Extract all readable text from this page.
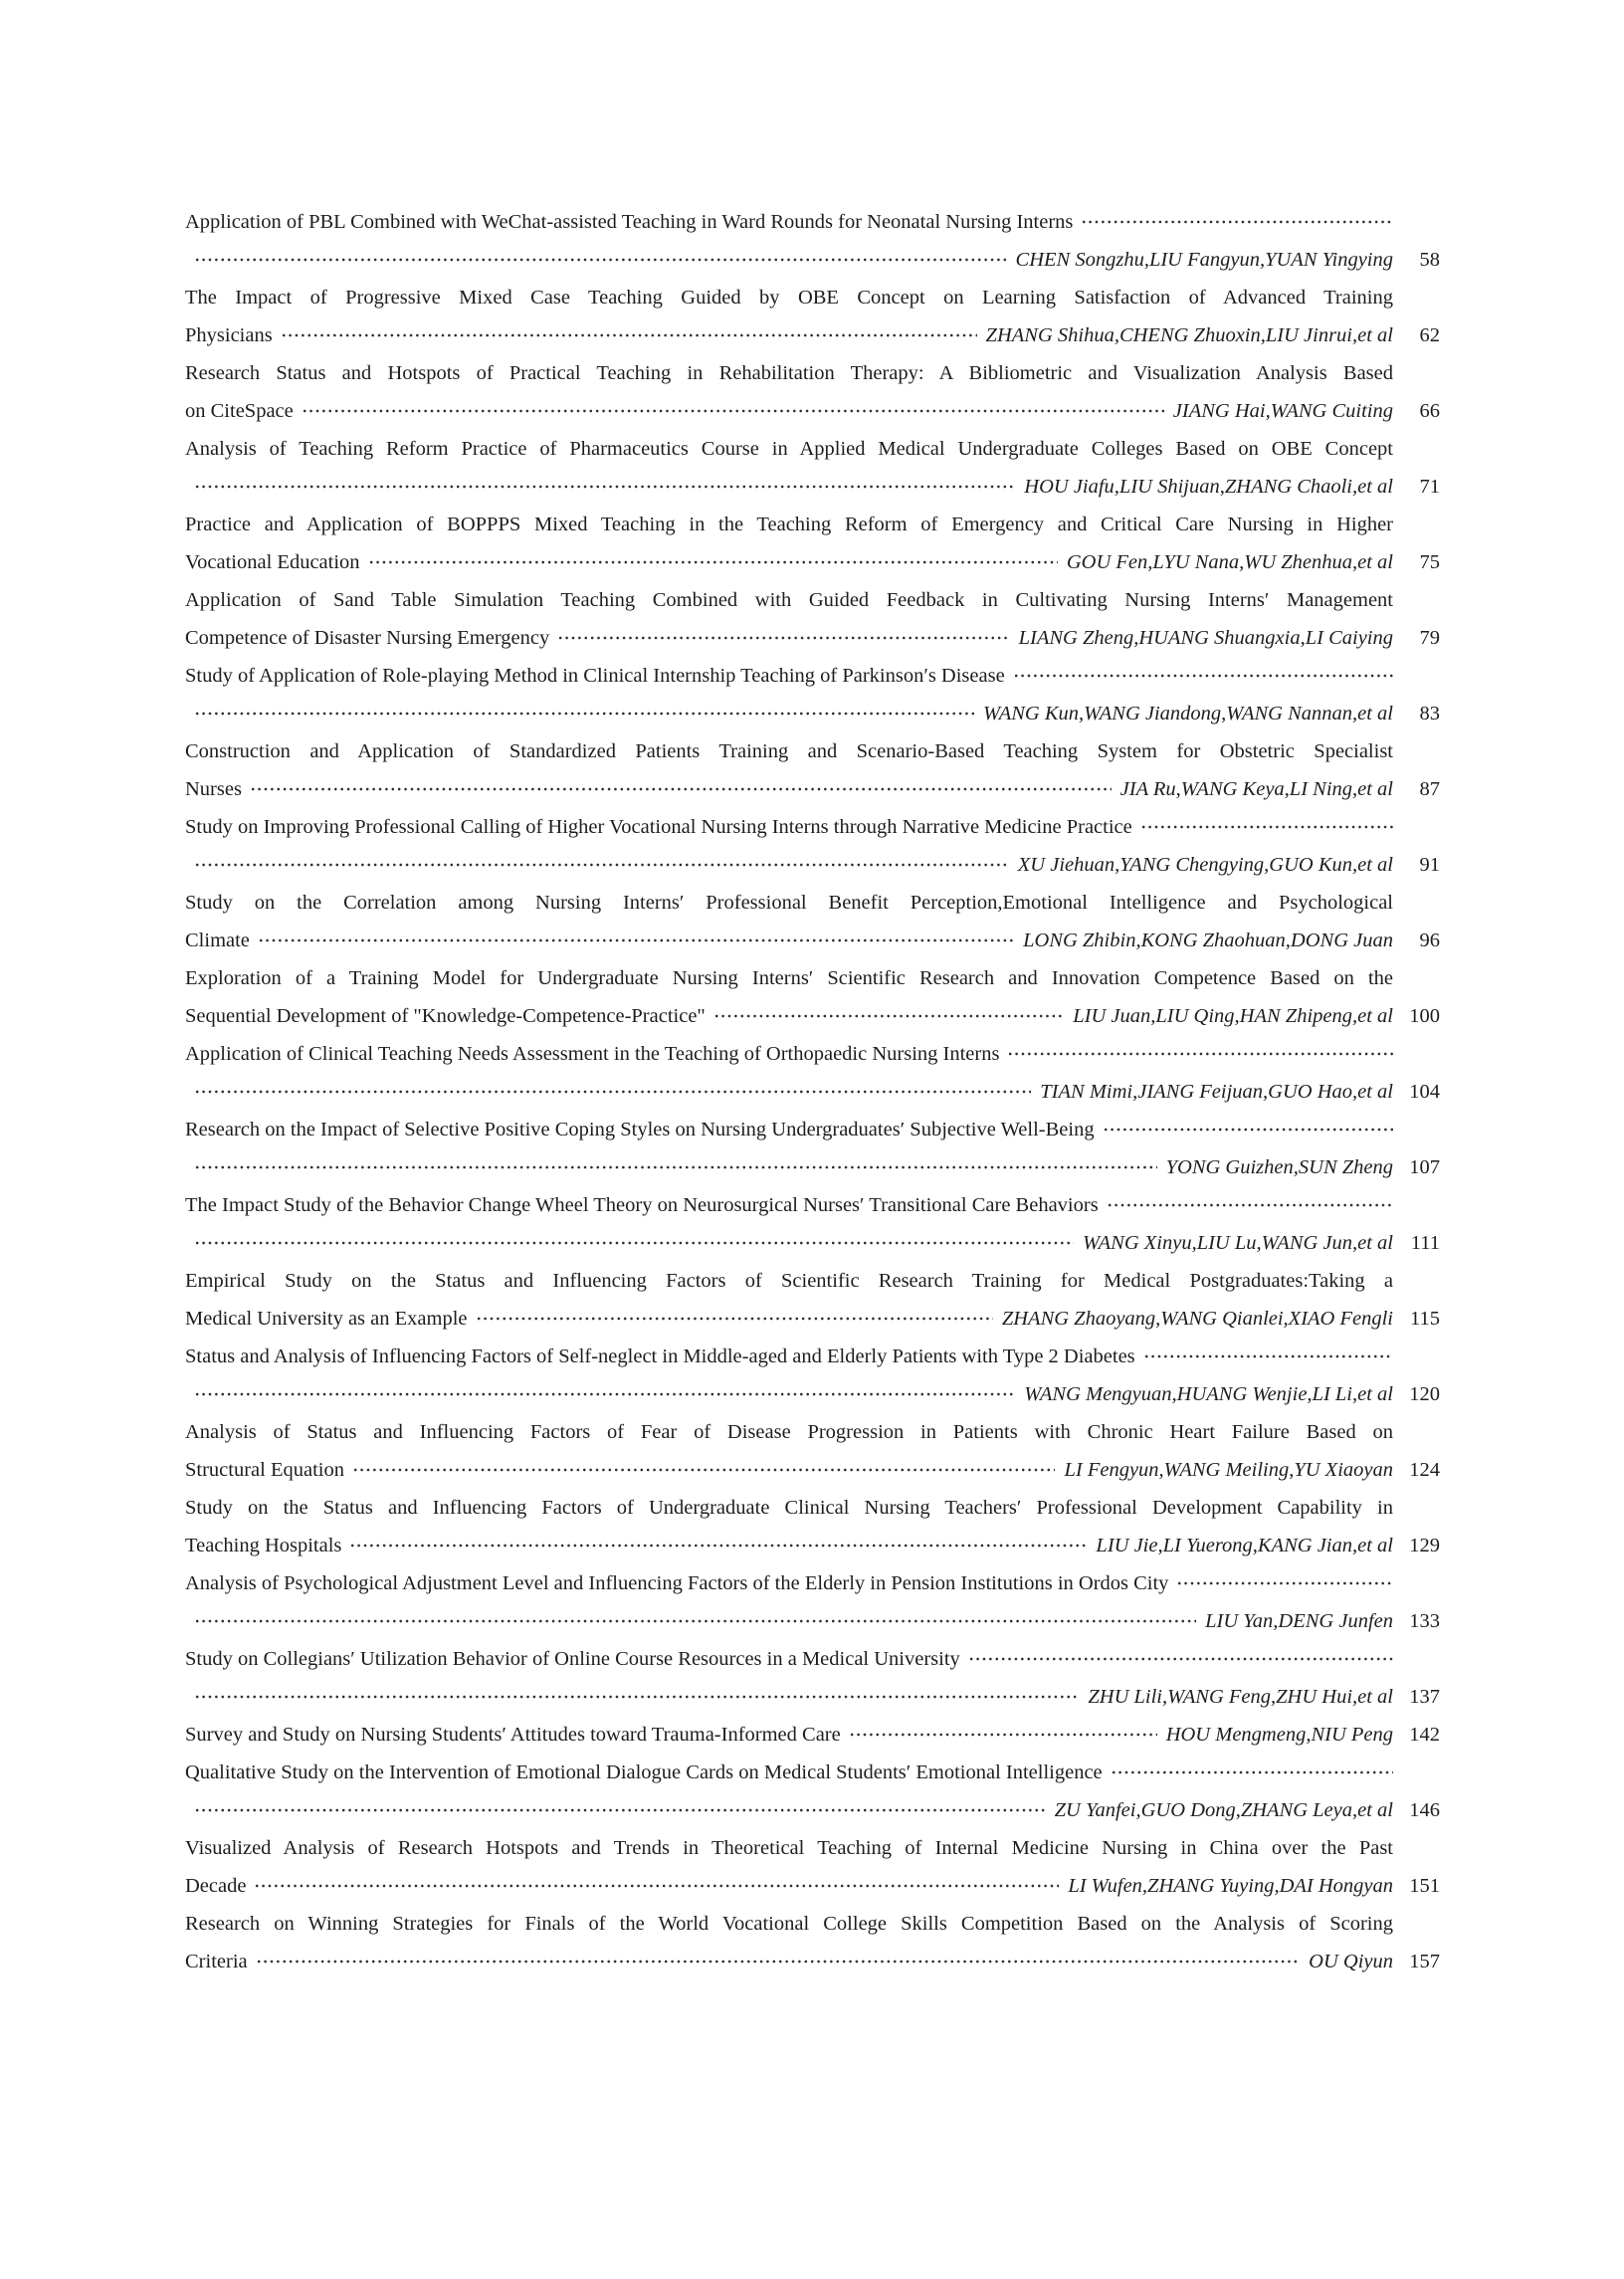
Application of PBL Combined with WeChat-assisted Teaching in Ward Rounds for Neonatal Nursing Interns
CHEN Songzhu,LIU Fangyun,YUAN Yingying	58
The Impact of Progressive Mixed Case Teaching Guided by OBE Concept on Learning Satisfaction of Advanced Training
Physicians	ZHANG Shihua,CHENG Zhuoxin,LIU Jinrui,et al	62
Research Status and Hotspots of Practical Teaching in Rehabilitation Therapy: A Bibliometric and Visualization Analysis Based
on CiteSpace	JIANG Hai,WANG Cuiting	66
Analysis of Teaching Reform Practice of Pharmaceutics Course in Applied Medical Undergraduate Colleges Based on OBE Concept
HOU Jiafu,LIU Shijuan,ZHANG Chaoli,et al	71
Practice and Application of BOPPPS Mixed Teaching in the Teaching Reform of Emergency and Critical Care Nursing in Higher
Vocational Education	GOU Fen,LYU Nana,WU Zhenhua,et al	75
Application of Sand Table Simulation Teaching Combined with Guided Feedback in Cultivating Nursing Interns′ Management
Competence of Disaster Nursing Emergency	LIANG Zheng,HUANG Shuangxia,LI Caiying	79
Study of Application of Role-playing Method in Clinical Internship Teaching of Parkinson′s Disease
WANG Kun,WANG Jiandong,WANG Nannan,et al	83
Construction and Application of Standardized Patients Training and Scenario-Based Teaching System for Obstetric Specialist
Nurses	JIA Ru,WANG Keya,LI Ning,et al	87
Study on Improving Professional Calling of Higher Vocational Nursing Interns through Narrative Medicine Practice
XU Jiehuan,YANG Chengying,GUO Kun,et al	91
Study on the Correlation among Nursing Interns′ Professional Benefit Perception,Emotional Intelligence and Psychological
Climate	LONG Zhibin,KONG Zhaohuan,DONG Juan	96
Exploration of a Training Model for Undergraduate Nursing Interns′ Scientific Research and Innovation Competence Based on the
Sequential Development of "Knowledge-Competence-Practice"	LIU Juan,LIU Qing,HAN Zhipeng,et al 100
Application of Clinical Teaching Needs Assessment in the Teaching of Orthopaedic Nursing Interns
TIAN Mimi,JIANG Feijuan,GUO Hao,et al 104
Research on the Impact of Selective Positive Coping Styles on Nursing Undergraduates′ Subjective Well-Being
YONG Guizhen,SUN Zheng 107
The Impact Study of the Behavior Change Wheel Theory on Neurosurgical Nurses′ Transitional Care Behaviors
WANG Xinyu,LIU Lu,WANG Jun,et al 111
Empirical Study on the Status and Influencing Factors of Scientific Research Training for Medical Postgraduates:Taking a
Medical University as an Example	ZHANG Zhaoyang,WANG Qianlei,XIAO Fengli 115
Status and Analysis of Influencing Factors of Self-neglect in Middle-aged and Elderly Patients with Type 2 Diabetes
WANG Mengyuan,HUANG Wenjie,LI Li,et al 120
Analysis of Status and Influencing Factors of Fear of Disease Progression in Patients with Chronic Heart Failure Based on
Structural Equation	LI Fengyun,WANG Meiling,YU Xiaoyan 124
Study on the Status and Influencing Factors of Undergraduate Clinical Nursing Teachers′ Professional Development Capability in
Teaching Hospitals	LIU Jie,LI Yuerong,KANG Jian,et al 129
Analysis of Psychological Adjustment Level and Influencing Factors of the Elderly in Pension Institutions in Ordos City
LIU Yan,DENG Junfen 133
Study on Collegians′ Utilization Behavior of Online Course Resources in a Medical University
ZHU Lili,WANG Feng,ZHU Hui,et al 137
Survey and Study on Nursing Students′ Attitudes toward Trauma-Informed Care	HOU Mengmeng,NIU Peng 142
Qualitative Study on the Intervention of Emotional Dialogue Cards on Medical Students′ Emotional Intelligence
ZU Yanfei,GUO Dong,ZHANG Leya,et al 146
Visualized Analysis of Research Hotspots and Trends in Theoretical Teaching of Internal Medicine Nursing in China over the Past
Decade	LI Wufen,ZHANG Yuying,DAI Hongyan 151
Research on Winning Strategies for Finals of the World Vocational College Skills Competition Based on the Analysis of Scoring
Criteria	OU Qiyun 157
